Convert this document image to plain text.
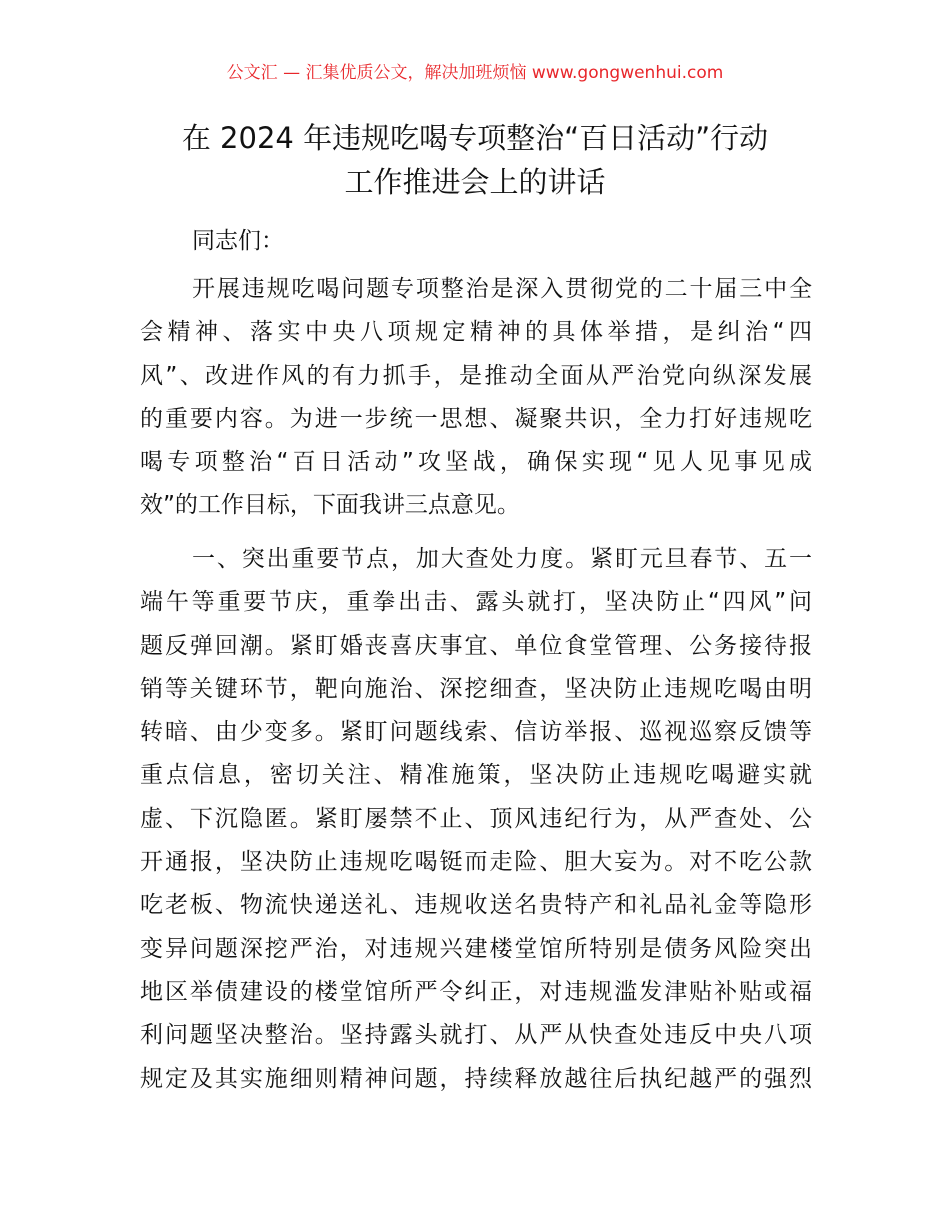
公文汇 — 汇集优质公文，解决加班烦恼 www.gongwenhui.com
在 2024 年违规吃喝专项整治“百日活动”行动
工作推进会上的讲话
同志们：
开展违规吃喝问题专项整治是深入贯彻党的二十届三中全
会精神、落实中央八项规定精神的具体举措，是纠治“四
风”、改进作风的有力抓手，是推动全面从严治党向纵深发展
的重要内容。为进一步统一思想、凝聚共识，全力打好违规吃
喝专项整治“百日活动”攻坚战，确保实现“见人见事见成
效”的工作目标，下面我讲三点意见。
一、突出重要节点，加大查处力度。紧盯元旦春节、五一
端午等重要节庆，重拳出击、露头就打，坚决防止“四风”问
题反弹回潮。紧盯婚丧喜庆事宜、单位食堂管理、公务接待报
销等关键环节，靶向施治、深挖细查，坚决防止违规吃喝由明
转暗、由少变多。紧盯问题线索、信访举报、巡视巡察反馈等
重点信息，密切关注、精准施策，坚决防止违规吃喝避实就
虚、下沉隐匿。紧盯屡禁不止、顶风违纪行为，从严查处、公
开通报，坚决防止违规吃喝铤而走险、胆大妄为。对不吃公款
吃老板、物流快递送礼、违规收送名贵特产和礼品礼金等隐形
变异问题深挖严治，对违规兴建楼堂馆所特别是债务风险突出
地区举债建设的楼堂馆所严令纠正，对违规滥发津贴补贴或福
利问题坚决整治。坚持露头就打、从严从快查处违反中央八项
规定及其实施细则精神问题，持续释放越往后执纪越严的强烈
